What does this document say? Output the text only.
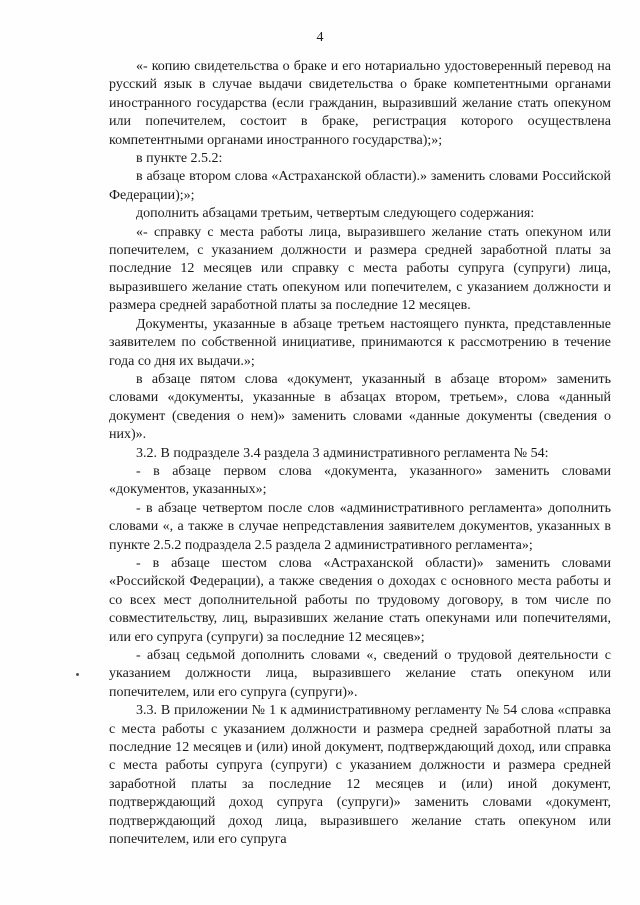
4

«- копию свидетельства о браке и его нотариально удостоверенный перевод на русский язык в случае выдачи свидетельства о браке компетентными органами иностранного государства (если гражданин, выразивший желание стать опекуном или попечителем, состоит в браке, регистрация которого осуществлена компетентными органами иностранного государства);»;

в пункте 2.5.2:

в абзаце втором слова «Астраханской области).» заменить словами Российской Федерации);»;

дополнить абзацами третьим, четвертым следующего содержания:

«- справку с места работы лица, выразившего желание стать опекуном или попечителем, с указанием должности и размера средней заработной платы за последние 12 месяцев или справку с места работы супруга (супруги) лица, выразившего желание стать опекуном или попечителем, с указанием должности и размера средней заработной платы за последние 12 месяцев.

Документы, указанные в абзаце третьем настоящего пункта, представленные заявителем по собственной инициативе, принимаются к рассмотрению в течение года со дня их выдачи.»;

в абзаце пятом слова «документ, указанный в абзаце втором» заменить словами «документы, указанные в абзацах втором, третьем», слова «данный документ (сведения о нем)» заменить словами «данные документы (сведения о них)».

3.2. В подразделе 3.4 раздела 3 административного регламента № 54:

- в абзаце первом слова «документа, указанного» заменить словами «документов, указанных»;

- в абзаце четвертом после слов «административного регламента» дополнить словами «, а также в случае непредставления заявителем документов, указанных в пункте 2.5.2 подраздела 2.5 раздела 2 административного регламента»;

- в абзаце шестом слова «Астраханской области)» заменить словами «Российской Федерации), а также сведения о доходах с основного места работы и со всех мест дополнительной работы по трудовому договору, в том числе по совместительству, лиц, выразивших желание стать опекунами или попечителями, или его супруга (супруги) за последние 12 месяцев»;

- абзац седьмой дополнить словами «, сведений о трудовой деятельности с указанием должности лица, выразившего желание стать опекуном или попечителем, или его супруга (супруги)».

3.3. В приложении № 1 к административному регламенту № 54 слова «справка с места работы с указанием должности и размера средней заработной платы за последние 12 месяцев и (или) иной документ, подтверждающий доход, или справка с места работы супруга (супруги) с указанием должности и размера средней заработной платы за последние 12 месяцев и (или) иной документ, подтверждающий доход супруга (супруги)» заменить словами «документ, подтверждающий доход лица, выразившего желание стать опекуном или попечителем, или его супруга
